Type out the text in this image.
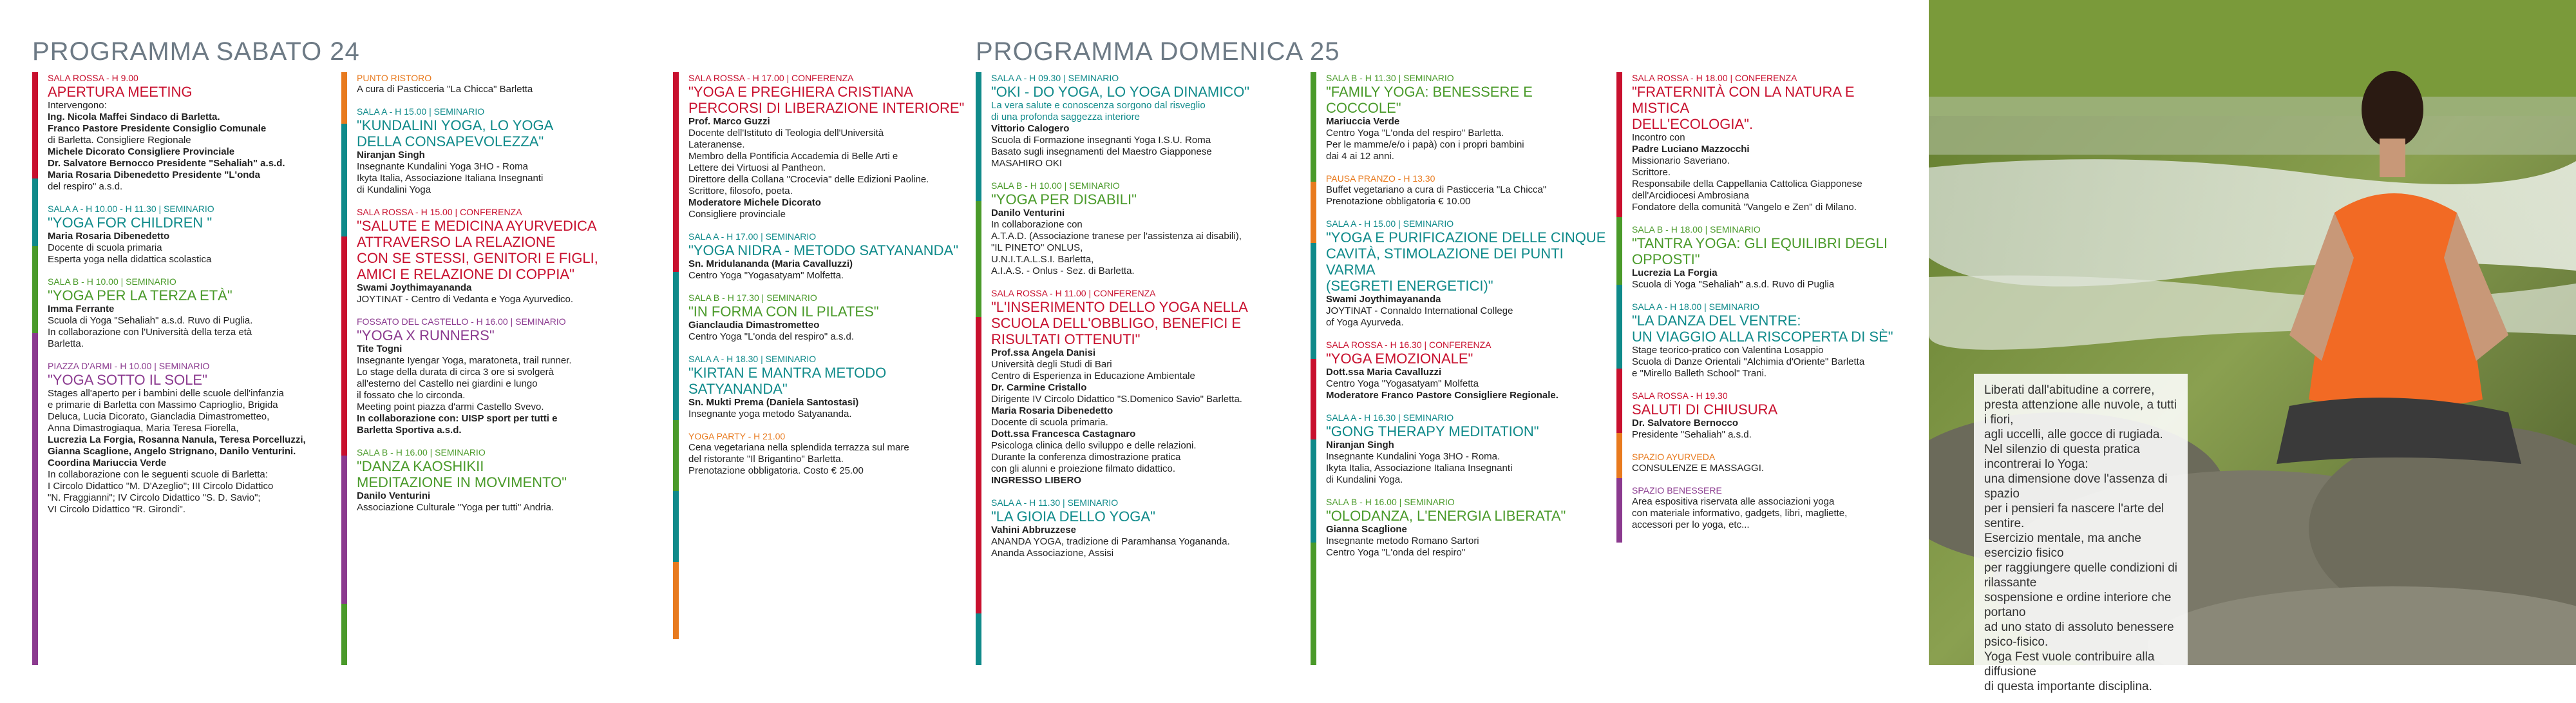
PROGRAMMA SABATO 24	PROGRAMMA DOMENICA 25
SALA ROSSA - H 9.00
APERTURA MEETING
Intervengono:
Ing. Nicola Maffei Sindaco di Barletta.
Franco Pastore Presidente Consiglio Comunale
di Barletta. Consigliere Regionale
Michele Dicorato Consigliere Provinciale
Dr. Salvatore Bernocco Presidente "Sehaliah" a.s.d.
Maria Rosaria Dibenedetto Presidente "L'onda
del respiro" a.s.d.
SALA A - H 10.00 - H 11.30 | SEMINARIO
"YOGA FOR CHILDREN "
Maria Rosaria Dibenedetto
Docente di scuola primaria
Esperta yoga nella didattica scolastica
SALA B - H 10.00 | SEMINARIO
"YOGA PER LA TERZA ETÀ"
Imma Ferrante
Scuola di Yoga "Sehaliah" a.s.d. Ruvo di Puglia.
In collaborazione con l'Università della terza età
Barletta.
PIAZZA D'ARMI - H 10.00 | SEMINARIO
"YOGA SOTTO IL SOLE"
Stages all'aperto per i bambini delle scuole dell'infanzia
e primarie di Barletta con Massimo Caprioglio, Brigida
Deluca, Lucia Dicorato, Giancladia Dimastrometteo,
Anna Dimastrogiaqua, Maria Teresa Fiorella,
Lucrezia La Forgia, Rosanna Nanula, Teresa Porcelluzzi,
Gianna Scaglione, Angelo Strignano, Danilo Venturini.
Coordina Mariuccia Verde
In collaborazione con le seguenti scuole di Barletta:
I Circolo Didattico "M. D'Azeglio"; III Circolo Didattico
"N. Fraggianni"; IV Circolo Didattico "S. D. Savio";
VI Circolo Didattico "R. Girondi".
PUNTO RISTORO
A cura di Pasticceria "La Chicca" Barletta
SALA A - H 15.00 | SEMINARIO
"KUNDALINI YOGA, LO YOGA
DELLA CONSAPEVOLEZZA"
Niranjan Singh
Insegnante Kundalini Yoga 3HO - Roma
Ikyta Italia, Associazione Italiana Insegnanti
di Kundalini Yoga
SALA ROSSA - H 15.00 | CONFERENZA
"SALUTE E MEDICINA AYURVEDICA
ATTRAVERSO LA RELAZIONE
CON SE STESSI, GENITORI E FIGLI,
AMICI E RELAZIONE DI COPPIA"
Swami Joythimayananda
JOYTINAT - Centro di Vedanta e Yoga Ayurvedico.
FOSSATO DEL CASTELLO - H 16.00 | SEMINARIO
"YOGA X RUNNERS"
Tite Togni
Insegnante Iyengar Yoga, maratoneta, trail runner.
Lo stage della durata di circa 3 ore si svolgerà
all'esterno del Castello nei giardini e lungo
il fossato che lo circonda.
Meeting point piazza d'armi Castello Svevo.
In collaborazione con: UISP sport per tutti e
Barletta Sportiva a.s.d.
SALA B - H 16.00 | SEMINARIO
"DANZA KAOSHIKII
MEDITAZIONE IN MOVIMENTO"
Danilo Venturini
Associazione Culturale "Yoga per tutti" Andria.
SALA ROSSA - H 17.00 | CONFERENZA
"YOGA E PREGHIERA CRISTIANA
PERCORSI DI LIBERAZIONE INTERIORE"
Prof. Marco Guzzi
Docente dell'Istituto di Teologia dell'Università
Lateranense.
Membro della Pontificia Accademia di Belle Arti e
Lettere dei Virtuosi al Pantheon.
Direttore della Collana "Crocevia" delle Edizioni Paoline.
Scrittore, filosofo, poeta.
Moderatore Michele Dicorato
Consigliere provinciale
SALA A - H 17.00 | SEMINARIO
"YOGA NIDRA - METODO SATYANANDA"
Sn. Mridulananda (Maria Cavalluzzi)
Centro Yoga "Yogasatyam" Molfetta.
SALA B - H 17.30 | SEMINARIO
"IN FORMA CON IL PILATES"
Gianclaudia Dimastrometteo
Centro Yoga "L'onda del respiro" a.s.d.
SALA A - H 18.30 | SEMINARIO
"KIRTAN E MANTRA METODO SATYANANDA"
Sn. Mukti Prema (Daniela Santostasi)
Insegnante yoga metodo Satyananda.
YOGA PARTY - H 21.00
Cena vegetariana nella splendida terrazza sul mare
del ristorante "Il Brigantino" Barletta.
Prenotazione obbligatoria. Costo € 25.00
SALA A - H 09.30 | SEMINARIO
"OKI - DO YOGA, LO YOGA DINAMICO"
La vera salute e conoscenza sorgono dal risveglio
di una profonda saggezza interiore
Vittorio Calogero
Scuola di Formazione insegnanti Yoga I.S.U. Roma
Basato sugli insegnamenti del Maestro Giapponese
MASAHIRO OKI
SALA B - H 10.00 | SEMINARIO
"YOGA PER DISABILI"
Danilo Venturini
In collaborazione con
A.T.A.D. (Associazione tranese per l'assistenza ai disabili),
"IL PINETO" ONLUS,
U.N.I.T.A.L.S.I. Barletta,
A.I.A.S. - Onlus - Sez. di Barletta.
SALA ROSSA - H 11.00 | CONFERENZA
"L'INSERIMENTO DELLO YOGA NELLA
SCUOLA DELL'OBBLIGO, BENEFICI E
RISULTATI OTTENUTI"
Prof.ssa Angela Danisi
Università degli Studi di Bari
Centro di Esperienza in Educazione Ambientale
Dr. Carmine Cristallo
Dirigente IV Circolo Didattico "S.Domenico Savio" Barletta.
Maria Rosaria Dibenedetto
Docente di scuola primaria.
Dott.ssa Francesca Castagnaro
Psicologa clinica dello sviluppo e delle relazioni.
Durante la conferenza dimostrazione pratica
con gli alunni e proiezione filmato didattico.
INGRESSO LIBERO
SALA A - H 11.30 | SEMINARIO
"LA GIOIA DELLO YOGA"
Vahini Abbruzzese
ANANDA YOGA, tradizione di Paramhansa Yogananda.
Ananda Associazione, Assisi
SALA B - H 11.30 | SEMINARIO
"FAMILY YOGA: BENESSERE E COCCOLE"
Mariuccia Verde
Centro Yoga "L'onda del respiro" Barletta.
Per le mamme/e/o i papà) con i propri bambini
dai 4 ai 12 anni.
PAUSA PRANZO - H 13.30
Buffet vegetariano a cura di Pasticceria "La Chicca"
Prenotazione obbligatoria € 10.00
SALA A - H 15.00 | SEMINARIO
"YOGA E PURIFICAZIONE DELLE CINQUE
CAVITÀ, STIMOLAZIONE DEI PUNTI VARMA
(SEGRETI ENERGETICI)"
Swami Joythimayananda
JOYTINAT - Connaldo International College
of Yoga Ayurveda.
SALA ROSSA - H 16.30 | CONFERENZA
"YOGA EMOZIONALE"
Dott.ssa Maria Cavalluzzi
Centro Yoga "Yogasatyam" Molfetta
Moderatore Franco Pastore Consigliere Regionale.
SALA A - H 16.30 | SEMINARIO
"GONG THERAPY MEDITATION"
Niranjan Singh
Insegnante Kundalini Yoga 3HO - Roma.
Ikyta Italia, Associazione Italiana Insegnanti
di Kundalini Yoga.
SALA B - H 16.00 | SEMINARIO
"OLODANZA, L'ENERGIA LIBERATA"
Gianna Scaglione
Insegnante metodo Romano Sartori
Centro Yoga "L'onda del respiro"
SALA ROSSA - H 18.00 | CONFERENZA
"FRATERNITÀ CON LA NATURA E MISTICA
DELL'ECOLOGIA".
Incontro con
Padre Luciano Mazzocchi
Missionario Saveriano.
Scrittore.
Responsabile della Cappellania Cattolica Giapponese
dell'Arcidiocesi Ambrosiana
Fondatore della comunità "Vangelo e Zen" di Milano.
SALA B - H 18.00 | SEMINARIO
"TANTRA YOGA: GLI EQUILIBRI DEGLI OPPOSTI"
Lucrezia La Forgia
Scuola di Yoga "Sehaliah" a.s.d. Ruvo di Puglia
SALA A - H 18.00 | SEMINARIO
"LA DANZA DEL VENTRE:
UN VIAGGIO ALLA RISCOPERTA DI SÈ"
Stage teorico-pratico con Valentina Losappio
Scuola di Danze Orientali "Alchimia d'Oriente" Barletta
e "Mirello Balleth School" Trani.
SALA ROSSA - H 19.30
SALUTI DI CHIUSURA
Dr. Salvatore Bernocco
Presidente "Sehaliah" a.s.d.
SPAZIO AYURVEDA
CONSULENZE E MASSAGGI.
SPAZIO BENESSERE
Area espositiva riservata alle associazioni yoga
con materiale informativo, gadgets, libri, magliette,
accessori per lo yoga, etc...

Liberati dall'abitudine a correre,

presta attenzione alle nuvole, a tutti i fiori,

agli uccelli, alle gocce di rugiada.

Nel silenzio di questa pratica

incontrerai lo Yoga:

una dimensione dove l'assenza di spazio

per i pensieri fa nascere l'arte del sentire.

Esercizio mentale, ma anche esercizio fisico

per raggiungere quelle condizioni di rilassante

sospensione e ordine interiore che portano

ad uno stato di assoluto benessere psico-fisico.

Yoga Fest vuole contribuire alla diffusione

di questa importante disciplina.
